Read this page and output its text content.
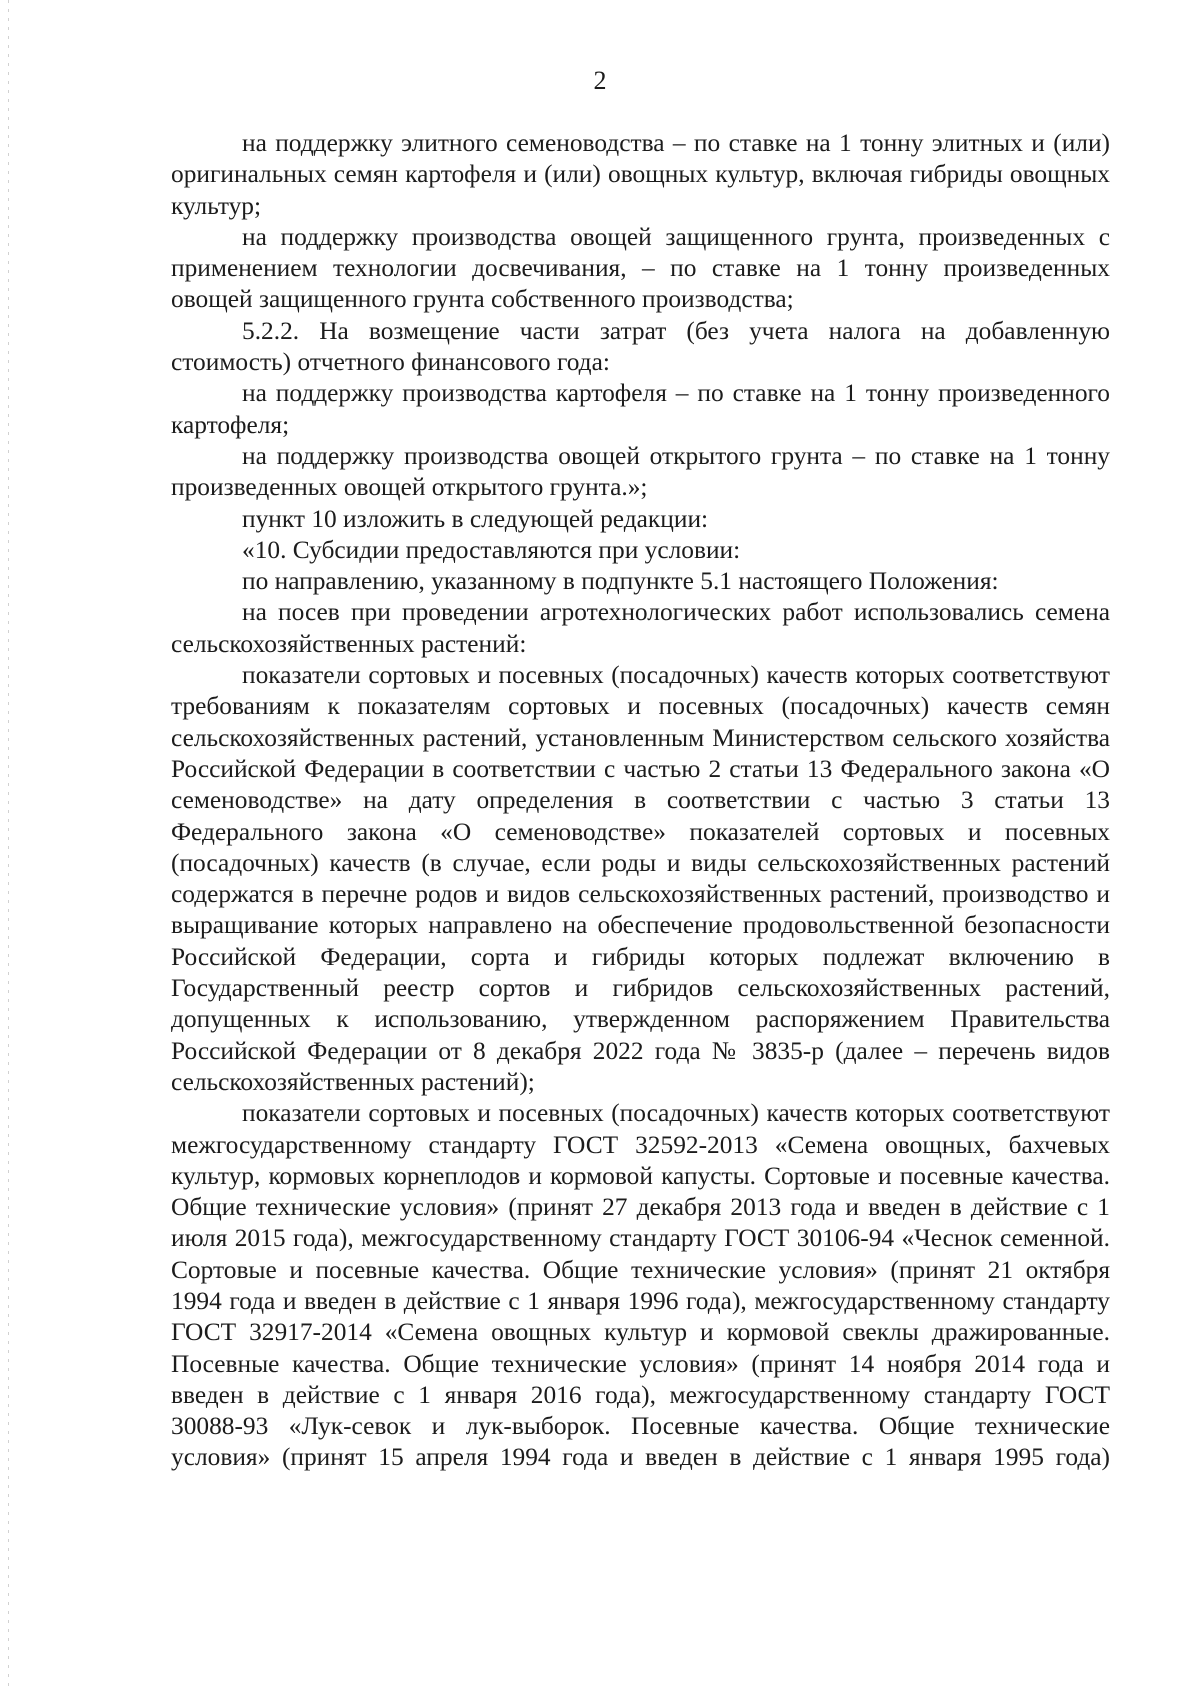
2

на поддержку элитного семеноводства – по ставке на 1 тонну элитных и (или) оригинальных семян картофеля и (или) овощных культур, включая гибриды овощных культур;

на поддержку производства овощей защищенного грунта, произведенных с применением технологии досвечивания, – по ставке на 1 тонну произведенных овощей защищенного грунта собственного производства;

5.2.2. На возмещение части затрат (без учета налога на добавленную стоимость) отчетного финансового года:

на поддержку производства картофеля – по ставке на 1 тонну произведенного картофеля;

на поддержку производства овощей открытого грунта – по ставке на 1 тонну произведенных овощей открытого грунта.»;

пункт 10 изложить в следующей редакции:

«10. Субсидии предоставляются при условии:

по направлению, указанному в подпункте 5.1 настоящего Положения:

на посев при проведении агротехнологических работ использовались семена сельскохозяйственных растений:

показатели сортовых и посевных (посадочных) качеств которых соответствуют требованиям к показателям сортовых и посевных (посадочных) качеств семян сельскохозяйственных растений, установленным Министерством сельского хозяйства Российской Федерации в соответствии с частью 2 статьи 13 Федерального закона «О семеноводстве» на дату определения в соответствии с частью 3 статьи 13 Федерального закона «О семеноводстве» показателей сортовых и посевных (посадочных) качеств (в случае, если роды и виды сельскохозяйственных растений содержатся в перечне родов и видов сельскохозяйственных растений, производство и выращивание которых направлено на обеспечение продовольственной безопасности Российской Федерации, сорта и гибриды которых подлежат включению в Государственный реестр сортов и гибридов сельскохозяйственных растений, допущенных к использованию, утвержденном распоряжением Правительства Российской Федерации от 8 декабря 2022 года № 3835-р (далее – перечень видов сельскохозяйственных растений);

показатели сортовых и посевных (посадочных) качеств которых соответствуют межгосударственному стандарту ГОСТ 32592-2013 «Семена овощных, бахчевых культур, кормовых корнеплодов и кормовой капусты. Сортовые и посевные качества. Общие технические условия» (принят 27 декабря 2013 года и введен в действие с 1 июля 2015 года), межгосударственному стандарту ГОСТ 30106-94 «Чеснок семенной. Сортовые и посевные качества. Общие технические условия» (принят 21 октября 1994 года и введен в действие с 1 января 1996 года), межгосударственному стандарту ГОСТ 32917-2014 «Семена овощных культур и кормовой свеклы дражированные. Посевные качества. Общие технические условия» (принят 14 ноября 2014 года и введен в действие с 1 января 2016 года), межгосударственному стандарту ГОСТ 30088-93 «Лук-севок и лук-выборок. Посевные качества. Общие технические условия» (принят 15 апреля 1994 года и введен в действие с 1 января 1995 года)
